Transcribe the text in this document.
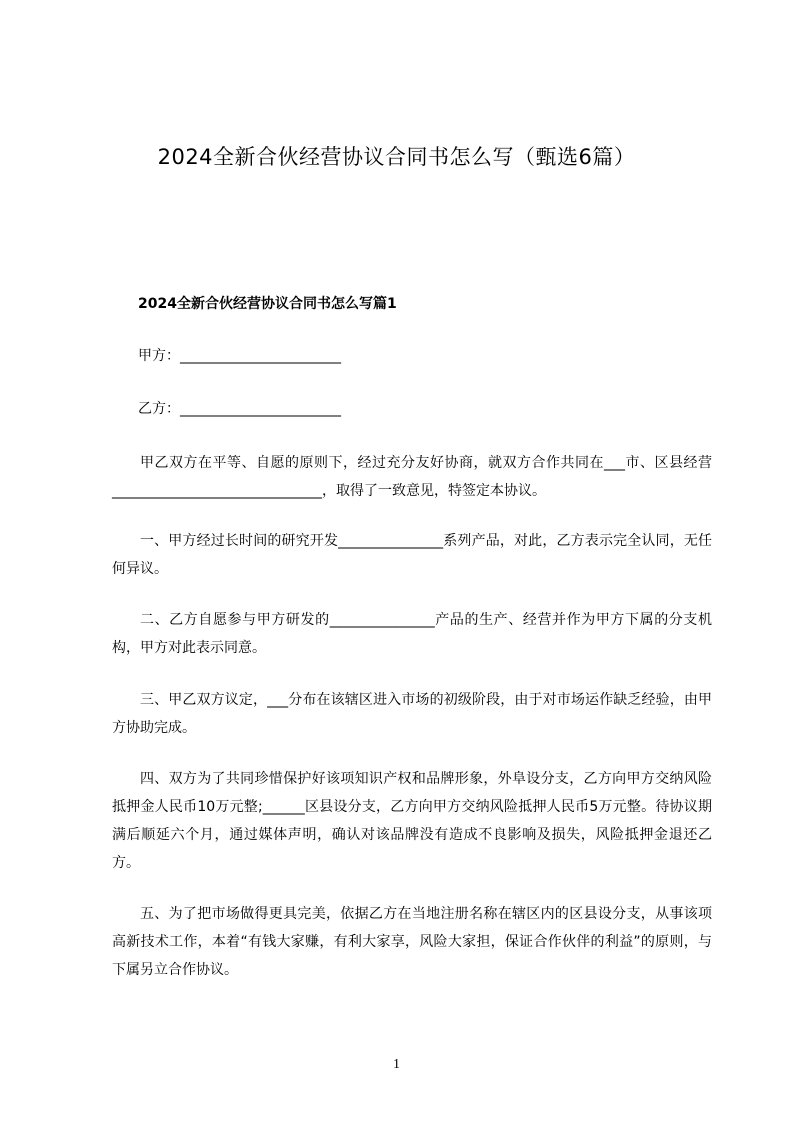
2024全新合伙经营协议合同书怎么写（甄选6篇）
2024全新合伙经营协议合同书怎么写篇1
甲方：_______________________
乙方：_______________________

甲乙双方在平等、自愿的原则下，经过充分友好协商，就双方合作共同在___市、区县经营______________________________，取得了一致意见，特签定本协议。

一、甲方经过长时间的研究开发_______________系列产品，对此，乙方表示完全认同，无任何异议。

二、乙方自愿参与甲方研发的_______________产品的生产、经营并作为甲方下属的分支机构，甲方对此表示同意。

三、甲乙双方议定，___分布在该辖区进入市场的初级阶段，由于对市场运作缺乏经验，由甲方协助完成。

四、双方为了共同珍惜保护好该项知识产权和品牌形象，外阜设分支，乙方向甲方交纳风险抵押金人民币10万元整;______区县设分支，乙方向甲方交纳风险抵押人民币5万元整。待协议期满后顺延六个月，通过媒体声明，确认对该品牌没有造成不良影响及损失，风险抵押金退还乙方。

五、为了把市场做得更具完美，依据乙方在当地注册名称在辖区内的区县设分支，从事该项高新技术工作，本着“有钱大家赚，有利大家享，风险大家担，保证合作伙伴的利益”的原则，与下属另立合作协议。

1
